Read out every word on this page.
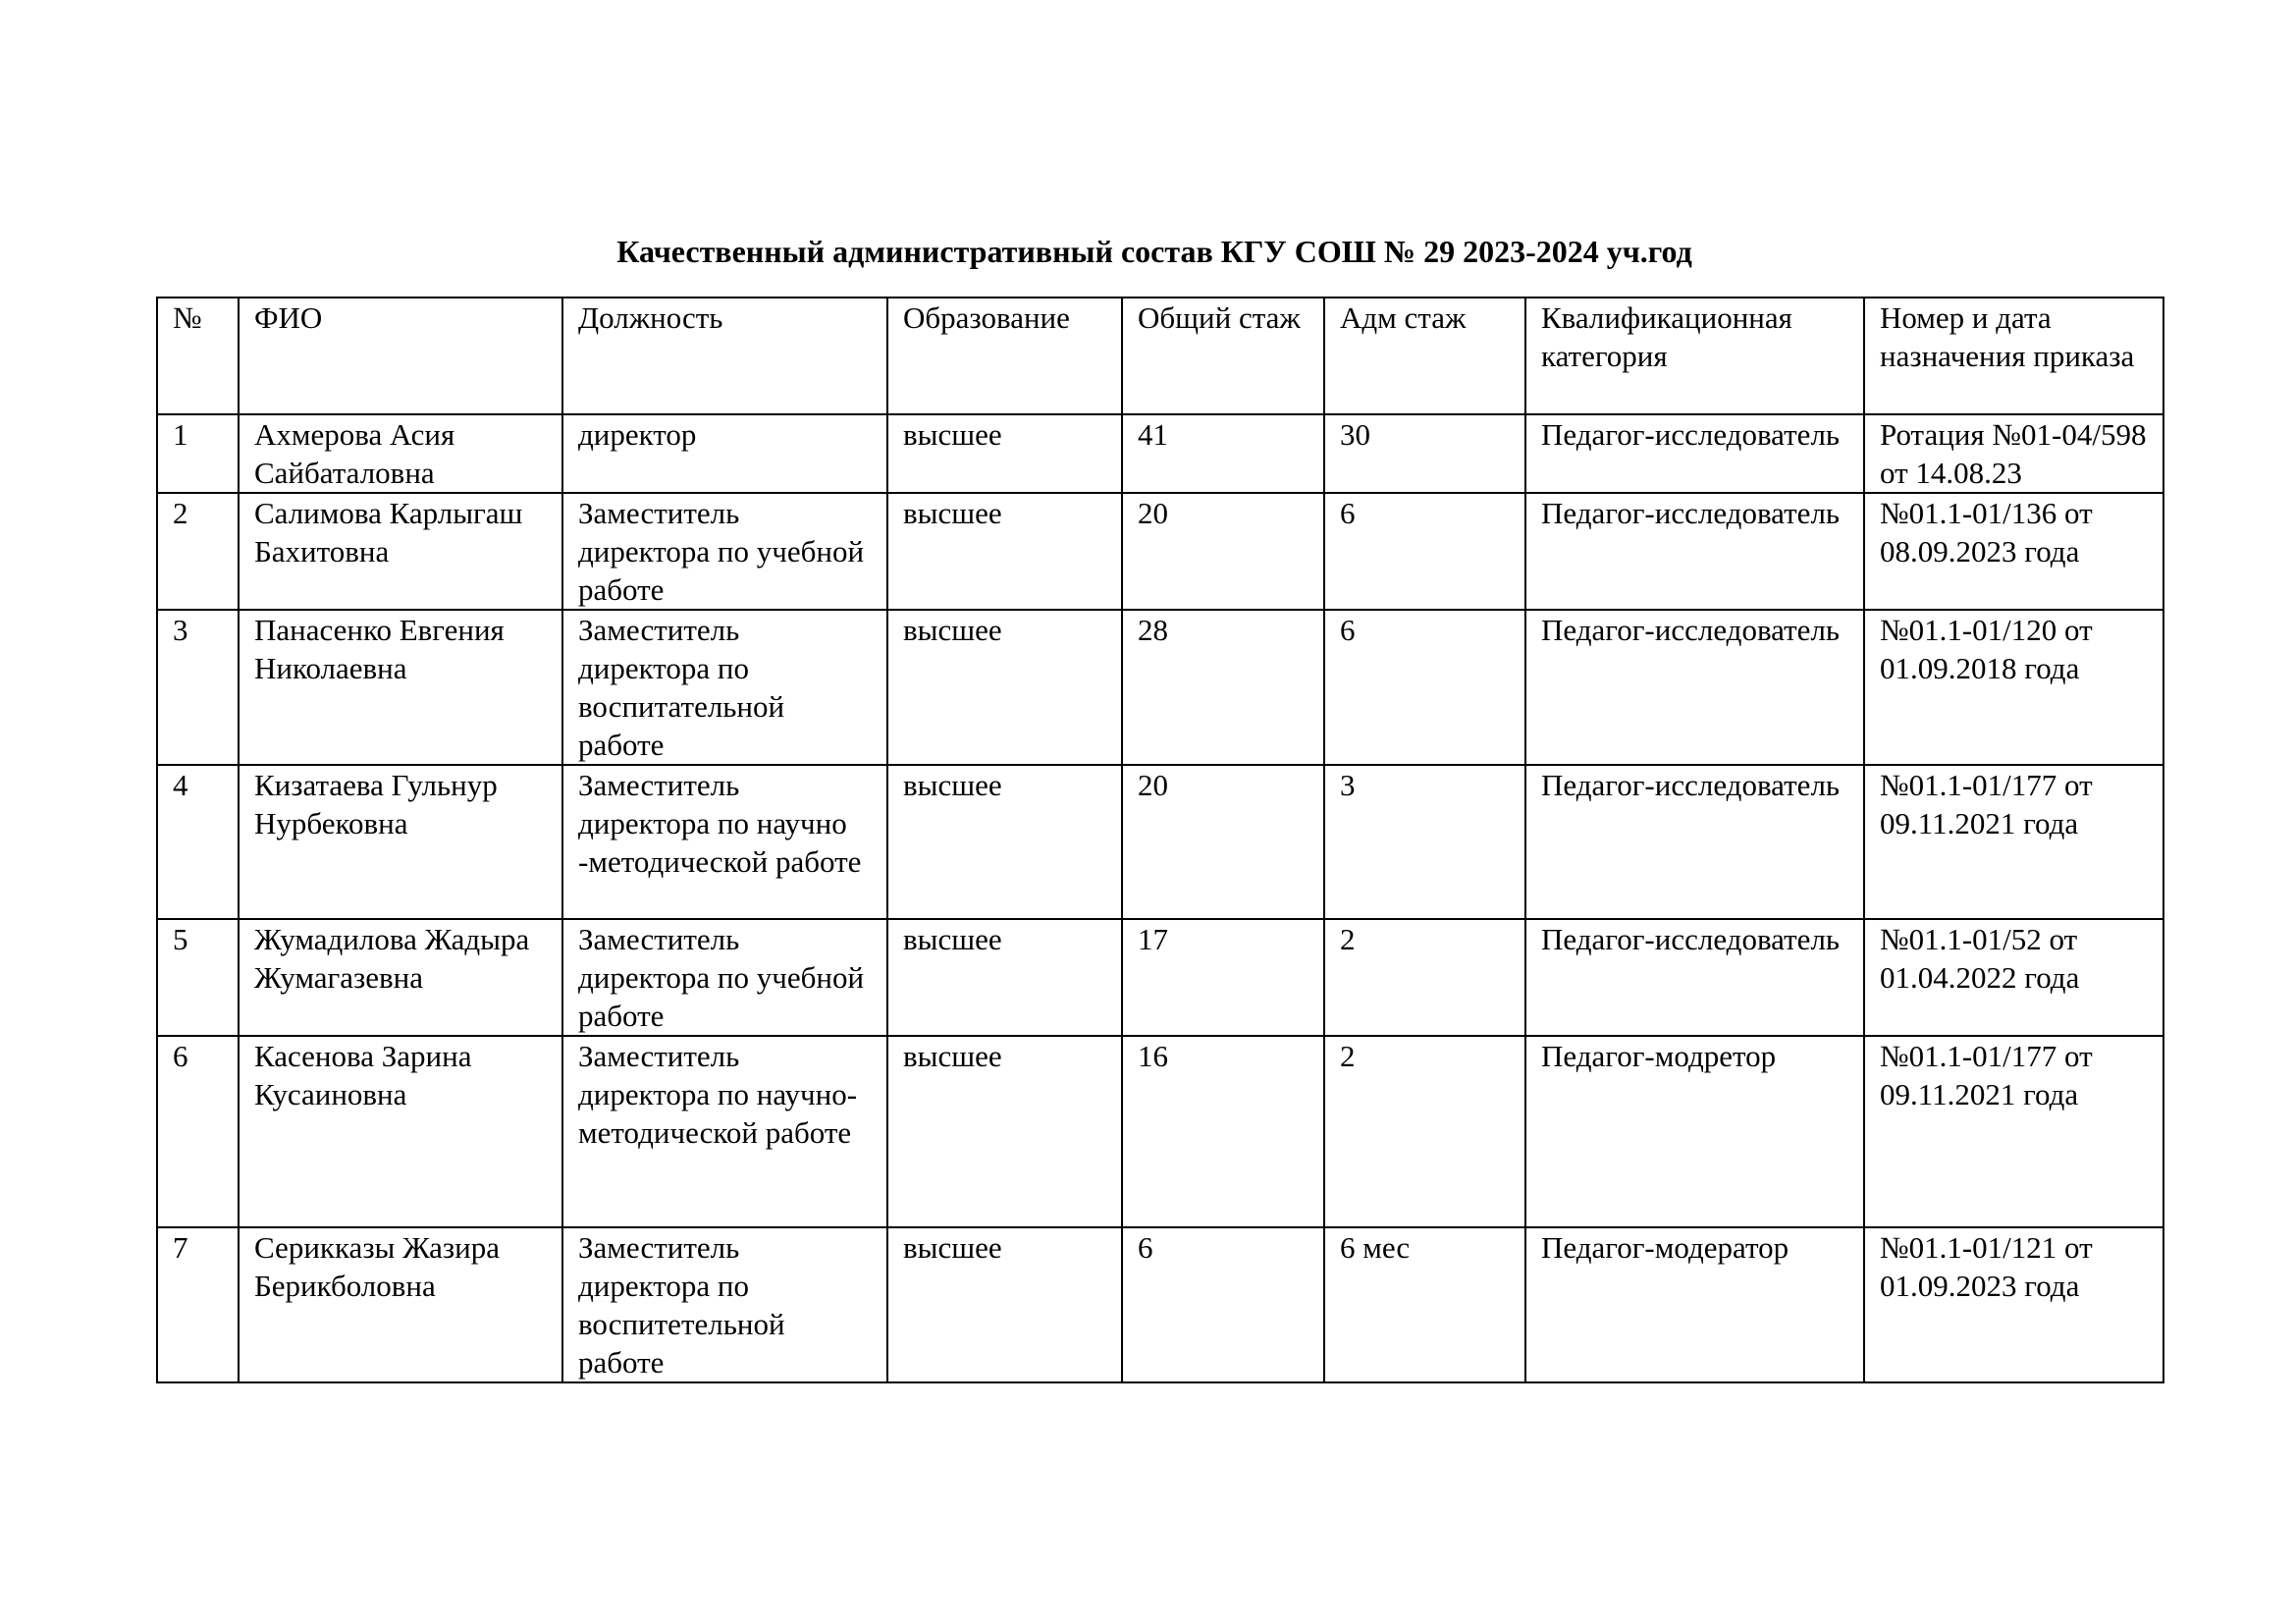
Качественный административный состав КГУ СОШ № 29 2023-2024 уч.год
№	ФИО	Должность	Образование	Общий стаж	Адм стаж	Квалификационная категория	Номер и дата назначения приказа
1	Ахмерова Асия Сайбаталовна	директор	высшее	41	30	Педагог-исследователь	Ротация №01-04/598 от 14.08.23
2	Салимова Карлыгаш Бахитовна	Заместитель директора по учебной работе	высшее	20	6	Педагог-исследователь	№01.1-01/136 от 08.09.2023 года
3	Панасенко Евгения Николаевна	Заместитель директора по воспитательной работе	высшее	28	6	Педагог-исследователь	№01.1-01/120 от 01.09.2018 года
4	Кизатаева Гульнур Нурбековна	Заместитель директора по научно -методической работе	высшее	20	3	Педагог-исследователь	№01.1-01/177 от 09.11.2021 года
5	Жумадилова Жадыра Жумагазевна	Заместитель директора по учебной работе	высшее	17	2	Педагог-исследователь	№01.1-01/52 от 01.04.2022 года
6	Касенова Зарина Кусаиновна	Заместитель директора по научно-методической работе	высшее	16	2	Педагог-модретор	№01.1-01/177 от 09.11.2021 года
7	Серикказы Жазира Берикболовна	Заместитель директора по воспитетельной работе	высшее	6	6 мес	Педагог-модератор	№01.1-01/121 от 01.09.2023 года
